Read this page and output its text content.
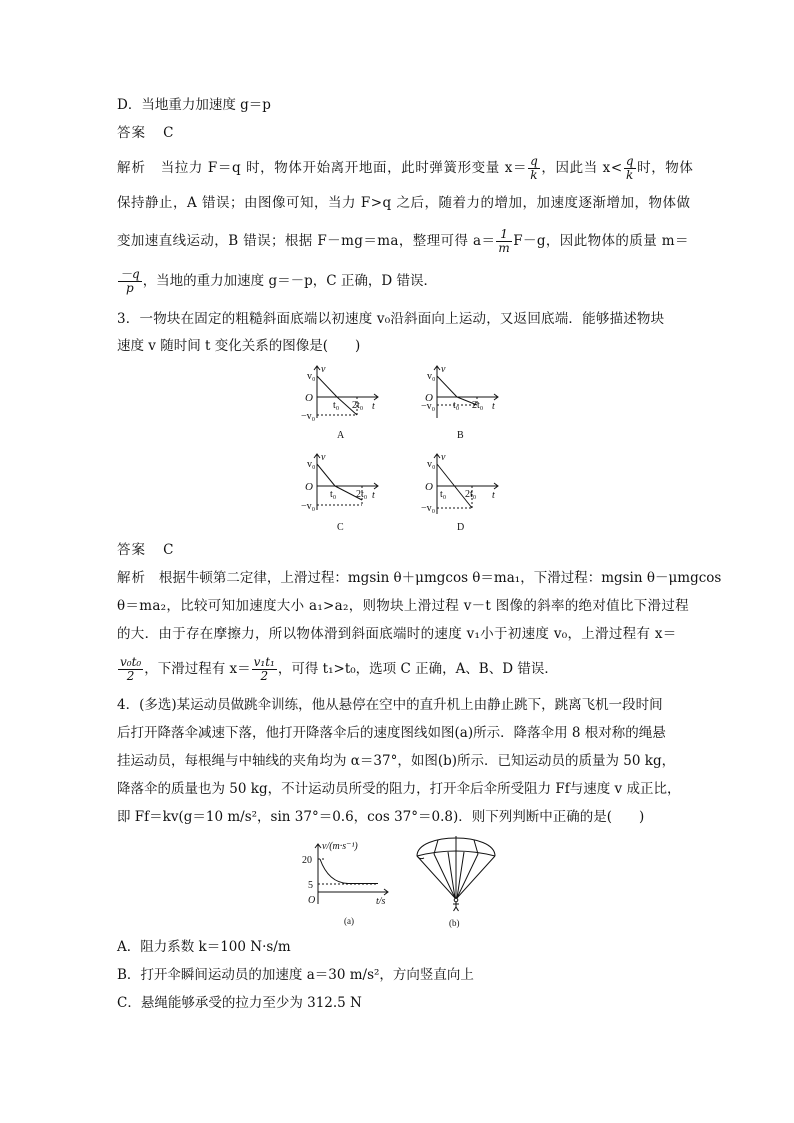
D．当地重力加速度 g＝p
答案 C
解析 当拉力 F＝q 时，物体开始离开地面，此时弹簧形变量 $x= \frac{q}{k}$ ，因此当 $x< \frac{q}{k}$ 时，物体
保持静止，A 错误；由图像可知，当力 F>q 之后，随着力的增加，加速度逐渐增加，物体做
变加速直线运动，B 错误；根据 F－mg＝ma，整理可得 $a= \frac{1}{m} F-g$，因此物体的质量 m＝
$\frac{-q}{p}$ ，当地的重力加速度 g＝－p，C 正确，D 错误．
3．一物块在固定的粗糙斜面底端以初速度 v₀沿斜面向上运动，又返回底端．能够描述物块
速度 v 随时间 t 变化关系的图像是(　　)
v₀
v
O
t₀ 2t₀ t
−v₀
A
v₀
v
O
t₀ 2t₀ t
−v₀
B
v₀
v
O
t₀ 2t₀ t
−v₀
C
v₀
v
O
t₀ 2t₀ t
−v₀
D
答案 C
解析 根据牛顿第二定律，上滑过程：mgsin θ＋μmgcos θ＝ma₁，下滑过程：mgsin θ－μmgcos
θ＝ma₂，比较可知加速度大小 a₁>a₂，则物块上滑过程 v－t 图像的斜率的绝对值比下滑过程
的大．由于存在摩擦力，所以物体滑到斜面底端时的速度 v₁小于初速度 v₀，上滑过程有 x＝
$\frac{\text{v₀t₀}}{2}$ ，下滑过程有 $x= \frac{\text{v₁t₁}}{2}$ ，可得 t₁>t₀，选项 C 正确，A、B、D 错误．
4．(多选)某运动员做跳伞训练，他从悬停在空中的直升机上由静止跳下，跳离飞机一段时间
后打开降落伞减速下落，他打开降落伞后的速度图线如图(a)所示．降落伞用 8 根对称的绳悬
挂运动员，每根绳与中轴线的夹角均为 α＝37°，如图(b)所示．已知运动员的质量为 50 kg，
降落伞的质量也为 50 kg，不计运动员所受的阻力，打开伞后伞所受阻力 Ff与速度 v 成正比，
即 Ff＝kv(g＝10 m/s²，sin 37°＝0.6，cos 37°＝0.8)．则下列判断中正确的是(　　)
v/(m·s⁻¹)
20
5
O	t/s
(a)	(b)
A．阻力系数 k＝100 N·s/m
B．打开伞瞬间运动员的加速度 a＝30 m/s²，方向竖直向上
C．悬绳能够承受的拉力至少为 312.5 N
